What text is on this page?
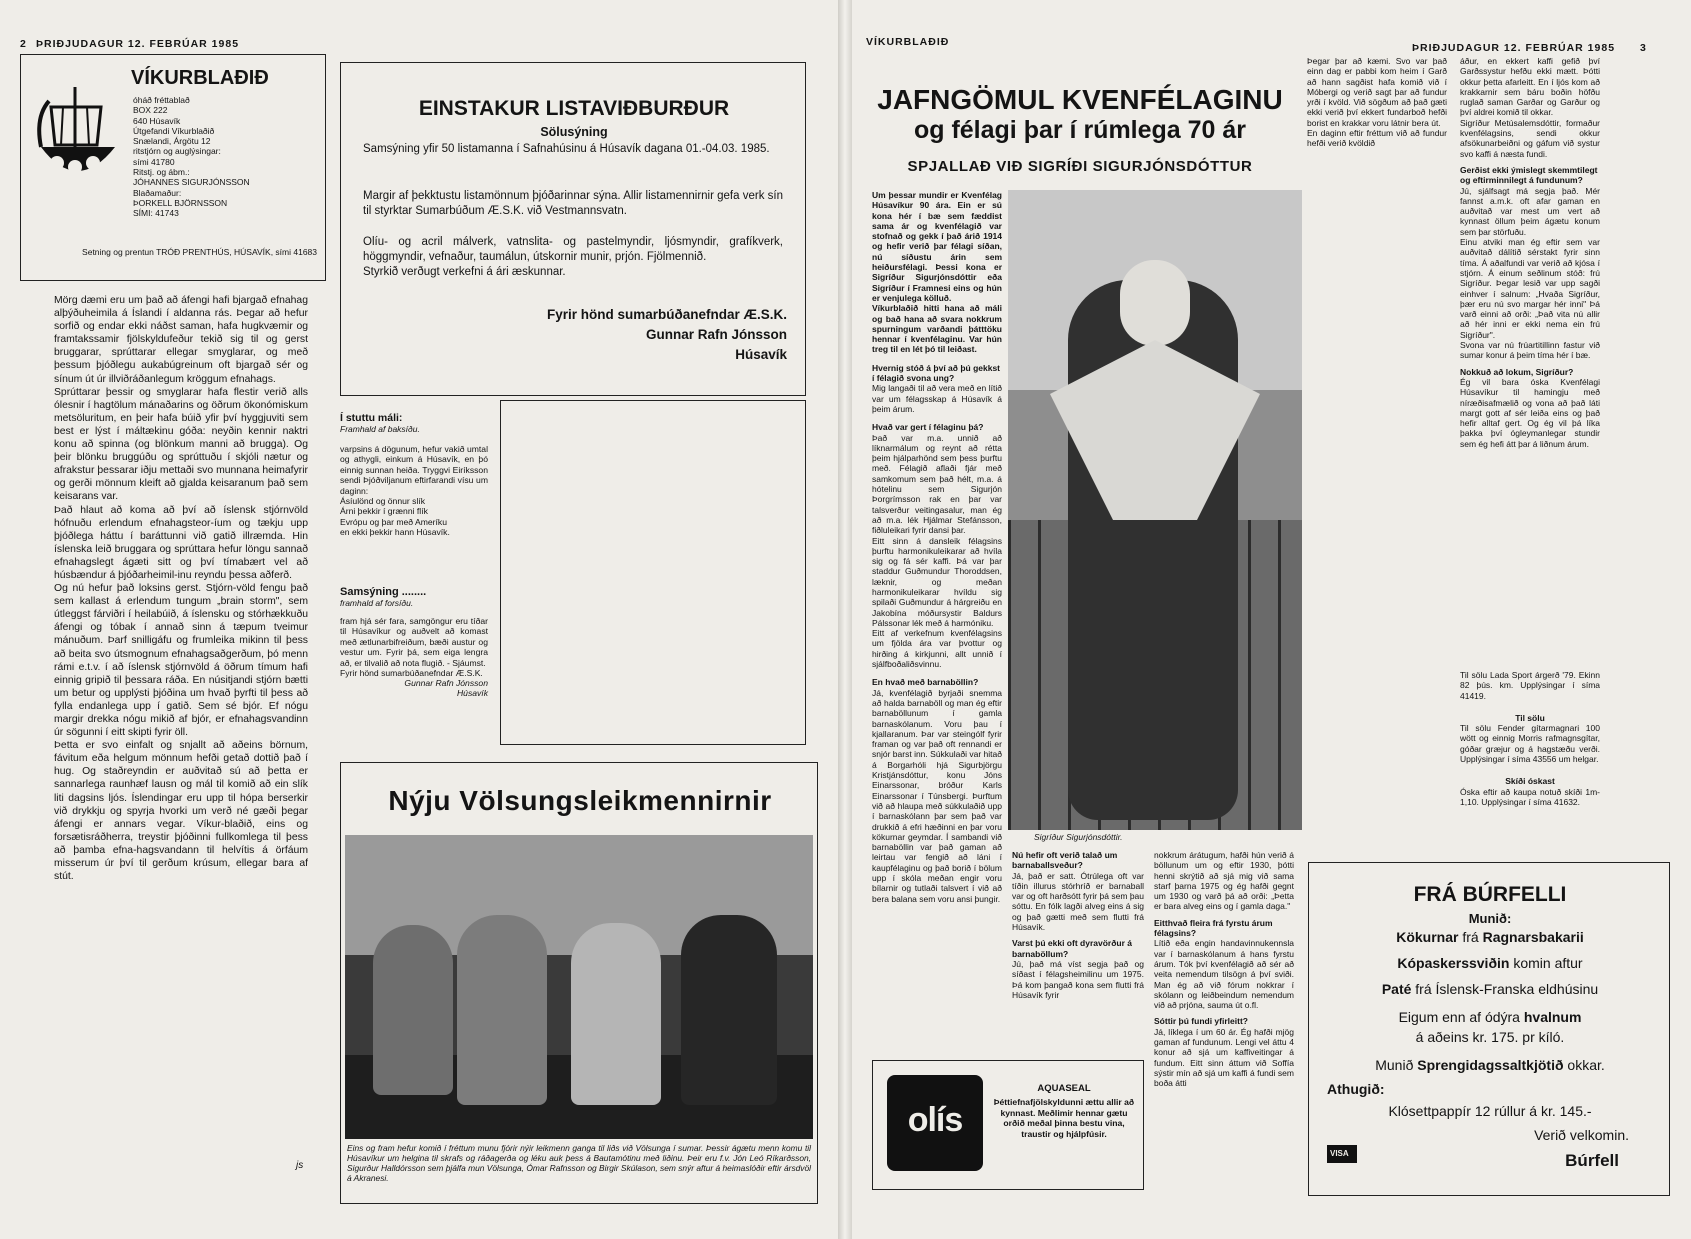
2 ÞRIÐJUDAGUR 12. FEBRÚAR 1985
VÍKURBLAÐIÐ
óháð fréttablað
BOX 222
640 Húsavík
Útgefandi Víkurblaðið
Snælandi, Árgötu 12
ritstjórn og auglýsingar:
sími 41780
Ritstj. og ábm.:
JÓHANNES SIGURJÓNSSON
Blaðamaður:
ÞORKELL BJÖRNSSON
SÍMI: 41743
Setning og prentun TRÓÐ PRENTHÚS, HÚSAVÍK, sími 41683
Mörg dæmi eru um það að áfengi hafi bjargað efnahag alþýðuheimila á Íslandi í aldanna rás. Þegar að hefur sorfið og endar ekki náðst saman, hafa hugkvæmir og framtakssamir fjölskyldufeður tekið sig til og gerst bruggarar, sprúttarar ellegar smyglarar, og með þessum þjóðlegu aukabúgreinum oft bjargað sér og sínum út úr illviðráðanlegum kröggum efnahags.
Sprúttarar þessir og smyglarar hafa flestir verið alls ólesnir í hagtölum mánaðarins og öðrum ökonómiskum metsöluritum, en þeir hafa búið yfir því hyggjuviti sem best er lýst í máltækinu góða: neyðin kennir naktri konu að spinna (og blönkum manni að brugga). Og þeir blönku bruggúðu og sprúttuðu í skjóli nætur og afrakstur þessarar iðju mettaði svo munnana heimafyrir og gerði mönnum kleift að gjalda keisaranum það sem keisarans var.
Það hlaut að koma að því að íslensk stjórnvöld hófnuðu erlendum efnahagsteor-íum og tækju upp þjóðlega háttu í baráttunni við gatið illræmda. Hin íslenska leið bruggara og sprúttara hefur löngu sannað efnahagslegt ágæti sitt og því tímabært vel að húsbændur á þjóðarheimil-inu reyndu þessa aðferð.
Og nú hefur það loksins gerst. Stjórn-völd fengu það sem kallast á erlendum tungum „brain storm", sem útleggst fárviðri í heilabúið, á íslensku og stórhækkuðu áfengi og tóbak í annað sinn á tæpum tveimur mánuðum. Þarf snilligáfu og frumleika mikinn til þess að beita svo útsmognum efnahagsaðgerðum, þó menn rámi e.t.v. í að íslensk stjórnvöld á öðrum tímum hafi einnig gripið til þessara ráða. En núsitjandi stjórn bætti um betur og upplýsti þjóðina um hvað þyrfti til þess að fylla endanlega upp í gatið. Sem sé bjór. Ef nógu margir drekka nógu mikið af bjór, er efnahagsvandinn úr sögunni í eitt skipti fyrir öll.
Þetta er svo einfalt og snjallt að aðeins börnum, fávitum eða helgum mönnum hefði getað dottið það í hug. Og staðreyndin er auðvitað sú að þetta er sannarlega raunhæf lausn og mál til komið að ein slík liti dagsins ljós. Íslendingar eru upp til hópa berserkir við drykkju og spyrja hvorki um verð né gæði þegar áfengi er annars vegar. Víkur-blaðið, eins og forsætisráðherra, treystir þjóðinni fullkomlega til þess að þamba efna-hagsvandann til helvítis á örfáum misserum úr því til gerðum krúsum, ellegar bara af stút.
js
EINSTAKUR LISTAVIÐBURÐUR
Sölusýning
Samsýning yfir 50 listamanna í Safnahúsinu á Húsavík dagana 01.-04.03. 1985.
Margir af þekktustu listamönnum þjóðarinnar sýna. Allir listamennirnir gefa verk sín til styrktar Sumarbúðum Æ.S.K. við Vestmannsvatn.
Olíu- og acril málverk, vatnslita- og pastelmyndir, ljósmyndir, grafíkverk, höggmyndir, vefnaður, taumálun, útskornir munir, prjón. Fjölmennið.
Styrkið verðugt verkefni á ári æskunnar.
Fyrir hönd sumarbúðanefndar Æ.S.K.
Gunnar Rafn Jónsson
Húsavík
Í stuttu máli:
Framhald af baksíðu.
varpsins á dögunum, hefur vakið umtal og athygli, einkum á Húsavík, en þó einnig sunnan heiða. Tryggvi Eiríksson sendi Þjóðviljanum eftirfarandi vísu um daginn:
Ásíulönd og önnur slík
Árni þekkir í grænni flík
Evrópu og þar með Ameríku
en ekki þekkir hann Húsavík.
Samsýning ........
framhald af forsíðu.
fram hjá sér fara, samgöngur eru tíðar til Húsavíkur og auðvelt að komast með ætlunarbifreiðum, bæði austur og vestur um. Fyrir þá, sem eiga lengra að, er tilvalið að nota flugið. - Sjáumst.
Fyrir hönd sumarbúðanefndar Æ.S.K.
Gunnar Rafn Jónsson
Húsavík
Nýju Völsungsleikmennirnir
Eins og fram hefur komið í fréttum munu fjórir nýir leikmenn ganga til liðs við Völsunga í sumar. Þessir ágætu menn komu til Húsavíkur um helgina til skrafs og ráðagerða og léku auk þess á Bautamótinu með liðinu. Þeir eru f.v. Jón Leó Ríkarðsson, Sigurður Halldórsson sem þjálfa mun Völsunga, Ómar Rafnsson og Birgir Skúlason, sem snýr aftur á heimaslóðir eftir ársdvöl á Akranesi.
VÍKURBLAÐIÐ	ÞRIÐJUDAGUR 12. FEBRÚAR 1985 3
JAFNGÖMUL KVENFÉLAGINU
og félagi þar í rúmlega 70 ár
SPJALLAÐ VIÐ SIGRÍÐI SIGURJÓNSDÓTTUR
Um þessar mundir er Kvenfélag Húsavíkur 90 ára. Ein er sú kona hér í bæ sem fæddist sama ár og kvenfélagið var stofnað og gekk í það árið 1914 og hefir verið þar félagi síðan, nú síðustu árin sem heiðursfélagi. Þessi kona er Sigríður Sigurjónsdóttir eða Sigríður í Framnesi eins og hún er venjulega kölluð.
Víkurblaðið hitti hana að máli og bað hana að svara nokkrum spurningum varðandi þátttöku hennar í kvenfélaginu. Var hún treg til en lét þó til leiðast.
Hvernig stóð á því að þú gekkst í félagið svona ung?
Mig langaði til að vera með en lítið var um félagsskap á Húsavík á þeim árum.
Hvað var gert í félaginu þá?
Það var m.a. unnið að líknarmálum og reynt að rétta þeim hjálparhönd sem þess þurftu með. Félagið aflaði fjár með samkomum sem það hélt, m.a. á hótelinu sem Sigurjón Þorgrímsson rak en þar var talsverður veitingasalur, man ég að m.a. lék Hjálmar Stefánsson, fiðluleikari fyrir dansi þar.
Eitt sinn á dansleik félagsins þurftu harmonikuleikarar að hvíla sig og fá sér kaffi. Þá var þar staddur Guðmundur Thoroddsen, læknir, og meðan harmonikuleikarar hvíldu sig spilaði Guðmundur á hárgreiðu en Jakobína móðursystir Baldurs Pálssonar lék með á harmóniku.
Eitt af verkefnum kvenfélagsins um fjölda ára var þvottur og hirðing á kirkjunni, allt unnið í sjálfboðaliðsvinnu.
En hvað með barnaböllin?
Já, kvenfélagið byrjaði snemma að halda barnaböll og man ég eftir barnaböllunum í gamla barnaskólanum. Voru þau í kjallaranum. Þar var steingólf fyrir framan og var það oft rennandi er snjór barst inn. Súkkulaði var hitað á Borgarhóli hjá Sigurbjörgu Kristjánsdóttur, konu Jóns Einarssonar, bróður Karls Einarssonar í Túnsbergi. Þurftum við að hlaupa með súkkulaðið upp í barnaskólann þar sem það var drukkið á efri hæðinni en þar voru kökurnar geymdar. Í sambandi við barnaböllin var það gaman að leirtau var fengið að láni í kaupfélaginu og það borið í bölum upp í skóla meðan engir voru bílarnir og tutlaði talsvert í við að bera balana sem voru ansi þungir.
Sigríður Sigurjónsdóttir.
Nú hefir oft verið talað um barnaballsveður?
Já, það er satt. Ótrúlega oft var tíðin illurus stórhríð er barnaball var og oft harðsótt fyrir þá sem þau sóttu. En fólk lagði alveg eins á sig og það gætti með sem flutti frá Húsavík.
Varst þú ekki oft dyravörður á barnaböllum?
Jú, það má víst segja það og síðast í félagsheimilinu um 1975. Þá kom þangað kona sem flutti frá Húsavík fyrir
nokkrum árátugum, hafði hún verið á böllunum um og eftir 1930, þótti henni skrýtið að sjá mig við sama starf þarna 1975 og ég hafði gegnt um 1930 og varð þá að orði: „Þetta er bara alveg eins og í gamla daga."
Eitthvað fleira frá fyrstu árum félagsins?
Lítið eða engin handavinnukennsla var í barnaskólanum á hans fyrstu árum. Tók því kvenfélagið að sér að veita nemendum tilsögn á því sviði. Man ég að við fórum nokkrar í skólann og leiðbeindum nemendum við að prjóna, sauma út o.fl.
Sóttir þú fundi yfirleitt?
Já, líklega í um 60 ár. Ég hafði mjög gaman af fundunum. Lengi vel áttu 4 konur að sjá um kaffiveitingar á fundum. Eitt sinn áttum við Soffía sýstir mín að sjá um kaffi á fundi sem boða átti
Þegar þar að kæmi. Svo var það einn dag er pabbi kom heim í Garð að hann sagðist hafa komið við í Móbergi og verið sagt þar að fundur yrði í kvöld. Við sögðum að það gæti ekki verið því ekkert fundarboð hefði borist en krakkar voru látnir bera út.
En daginn eftir fréttum við að fundur hefði verið kvöldið
áður, en ekkert kaffi gefið því Garðssystur hefðu ekki mætt. Þótti okkur þetta afarleitt. En í ljós kom að krakkarnir sem báru boðin höfðu ruglað saman Garðar og Garður og því aldrei komið til okkar.
Sigríður Metúsalemsdóttir, formaður kvenfélagsins, sendi okkur afsökunarbeiðni og gáfum við systur svo kaffi á næsta fundi.
Gerðist ekki ýmislegt skemmtilegt og eftirminnilegt á fundunum?
Jú, sjálfsagt má segja það. Mér fannst a.m.k. oft afar gaman en auðvitað var mest um vert að kynnast öllum þeim ágætu konum sem þar störfuðu.
Einu atviki man ég eftir sem var auðvitað dálítið sérstakt fyrir sinn tíma. Á aðalfundi var verið að kjósa í stjórn. Á einum seðlinum stóð: frú Sigríður. Þegar lesið var upp sagði einhver í salnum: „Hvaða Sigríður, þær eru nú svo margar hér inni" Þá varð einni að orði: „Það vita nú allir að hér inni er ekki nema ein frú Sigríður".
Svona var nú frúartitillinn fastur við sumar konur á þeim tíma hér í bæ.
Nokkuð að lokum, Sigríður?
Ég vil bara óska Kvenfélagi Húsavíkur til hamingju með níræðisafmælið og vona að það láti margt gott af sér leiða eins og það hefir alltaf gert. Og ég vil þá líka þakka því ógleymanlegar stundir sem ég hefi átt þar á liðnum árum.
Til sölu Lada Sport árgerð '79. Ekinn 82 þús. km. Upplýsingar í síma 41419.
Til sölu
Til sölu Fender gítarmagnari 100 wött og einnig Morris rafmagnsgítar, góðar græjur og á hagstæðu verði. Upplýsingar í síma 43556 um helgar.
Skíði óskast
Óska eftir að kaupa notuð skíði 1m-1,10. Upplýsingar í síma 41632.
olís
AQUASEAL
Þéttiefnafjölskyldunni ættu allir að kynnast. Meðlimir hennar gætu orðið meðal þinna bestu vina, traustir og hjálpfúsir.
FRÁ BÚRFELLI
Munið:
Kökurnar frá Ragnarsbakarii
Kópaskerssviðin komin aftur
Paté frá Íslensk-Franska eldhúsinu
Eigum enn af ódýra hvalnum
á aðeins kr. 175. pr kíló.
Munið Sprengidagssaltkjötið okkar.
Athugið:
Klósettpappír 12 rúllur á kr. 145.-
Verið velkomin.
VISA	Búrfell
